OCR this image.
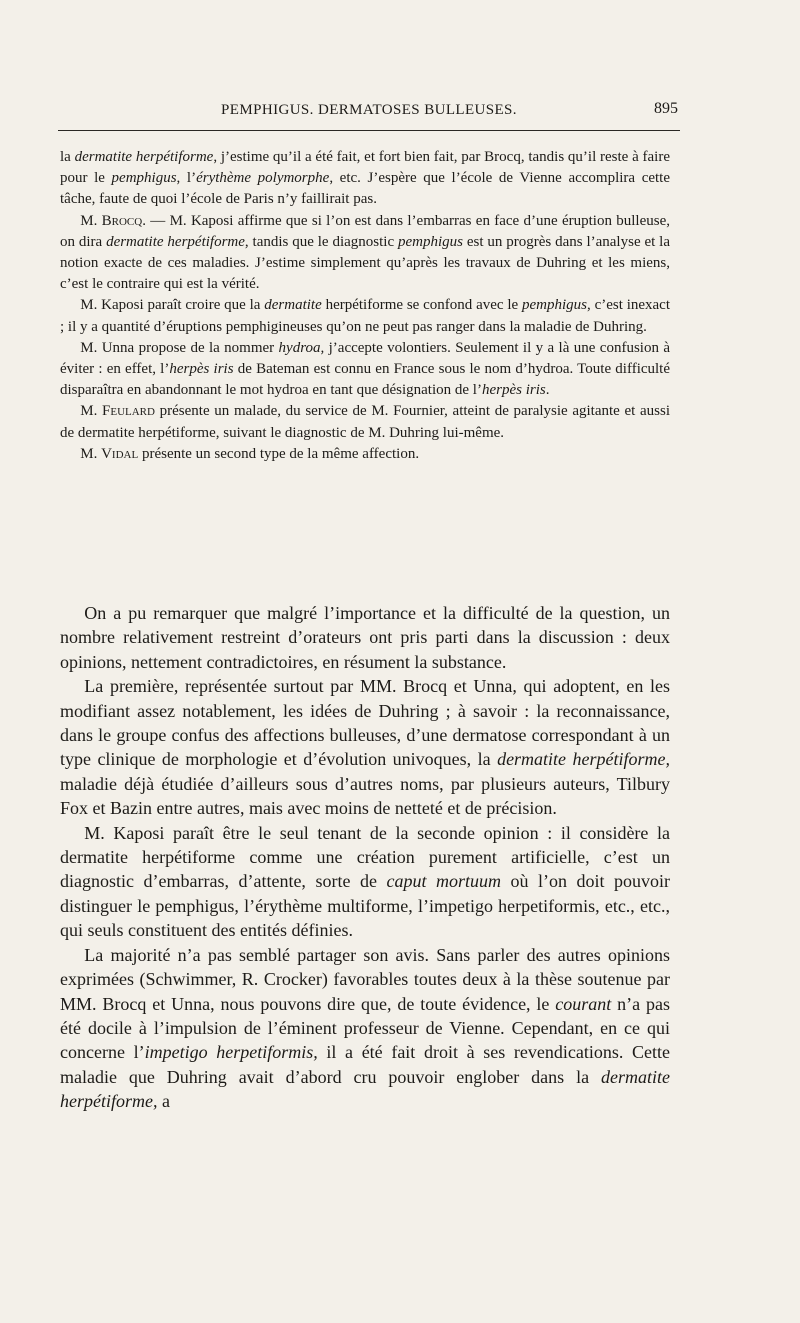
PEMPHIGUS. DERMATOSES BULLEUSES.	895

la dermatite herpétiforme, j’estime qu’il a été fait, et fort bien fait, par Brocq, tandis qu’il reste à faire pour le pemphigus, l’érythème polymorphe, etc. J’espère que l’école de Vienne accomplira cette tâche, faute de quoi l’école de Paris n’y faillirait pas.

M. Brocq. — M. Kaposi affirme que si l’on est dans l’embarras en face d’une éruption bulleuse, on dira dermatite herpétiforme, tandis que le diagnostic pemphigus est un progrès dans l’analyse et la notion exacte de ces maladies. J’estime simplement qu’après les travaux de Duhring et les miens, c’est le contraire qui est la vérité.

M. Kaposi paraît croire que la dermatite herpétiforme se confond avec le pemphigus, c’est inexact ; il y a quantité d’éruptions pemphigineuses qu’on ne peut pas ranger dans la maladie de Duhring.

M. Unna propose de la nommer hydroa, j’accepte volontiers. Seulement il y a là une confusion à éviter : en effet, l’herpès iris de Bateman est connu en France sous le nom d’hydroa. Toute difficulté disparaîtra en abandonnant le mot hydroa en tant que désignation de l’herpès iris.

M. Feulard présente un malade, du service de M. Fournier, atteint de paralysie agitante et aussi de dermatite herpétiforme, suivant le diagnostic de M. Duhring lui-même.

M. Vidal présente un second type de la même affection.

On a pu remarquer que malgré l’importance et la difficulté de la question, un nombre relativement restreint d’orateurs ont pris parti dans la discussion : deux opinions, nettement contradictoires, en résument la substance.

La première, représentée surtout par MM. Brocq et Unna, qui adoptent, en les modifiant assez notablement, les idées de Duhring ; à savoir : la reconnaissance, dans le groupe confus des affections bulleuses, d’une dermatose correspondant à un type clinique de morphologie et d’évolution univoques, la dermatite herpétiforme, maladie déjà étudiée d’ailleurs sous d’autres noms, par plusieurs auteurs, Tilbury Fox et Bazin entre autres, mais avec moins de netteté et de précision.

M. Kaposi paraît être le seul tenant de la seconde opinion : il considère la dermatite herpétiforme comme une création purement artificielle, c’est un diagnostic d’embarras, d’attente, sorte de caput mortuum où l’on doit pouvoir distinguer le pemphigus, l’érythème multiforme, l’impetigo herpetiformis, etc., etc., qui seuls constituent des entités définies.

La majorité n’a pas semblé partager son avis. Sans parler des autres opinions exprimées (Schwimmer, R. Crocker) favorables toutes deux à la thèse soutenue par MM. Brocq et Unna, nous pouvons dire que, de toute évidence, le courant n’a pas été docile à l’impulsion de l’éminent professeur de Vienne. Cependant, en ce qui concerne l’impetigo herpetiformis, il a été fait droit à ses revendications. Cette maladie que Duhring avait d’abord cru pouvoir englober dans la dermatite herpétiforme, a
